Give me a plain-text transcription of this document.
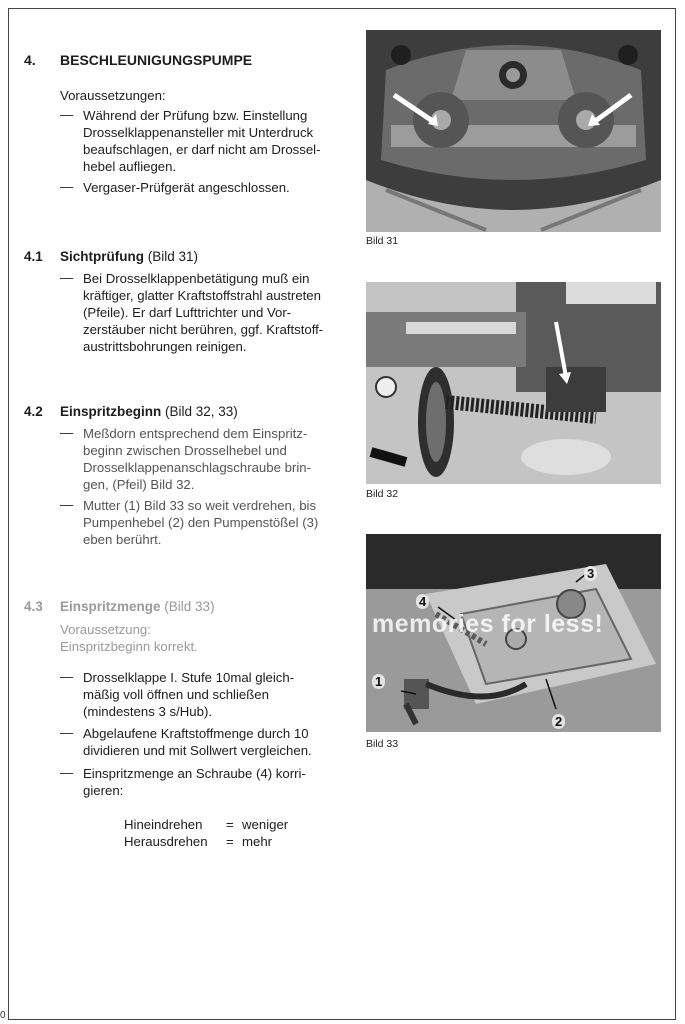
0
4. BESCHLEUNIGUNGSPUMPE
Voraussetzungen:
— Während der Prüfung bzw. Einstellung
Drosselklappenansteller mit Unterdruck
beaufschlagen, er darf nicht am Drossel-
hebel aufliegen.
— Vergaser-Prüfgerät angeschlossen.
4.1 Sichtprüfung (Bild 31)
— Bei Drosselklappenbetätigung muß ein
kräftiger, glatter Kraftstoffstrahl austreten
(Pfeile). Er darf Lufttrichter und Vor-
zerstäuber nicht berühren, ggf. Kraftstoff-
austrittsbohrungen reinigen.
4.2 Einspritzbeginn (Bild 32, 33)
— Meßdorn entsprechend dem Einspritz-
beginn zwischen Drosselhebel und
Drosselklappenanschlagschraube brin-
gen, (Pfeil) Bild 32.
— Mutter (1) Bild 33 so weit verdrehen, bis
Pumpenhebel (2) den Pumpenstößel (3)
eben berührt.
4.3 Einspritzmenge (Bild 33)
Voraussetzung:
Einspritzbeginn korrekt.
— Drosselklappe I. Stufe 10mal gleich-
mäßig voll öffnen und schließen
(mindestens 3 s/Hub).
— Abgelaufene Kraftstoffmenge durch 10
dividieren und mit Sollwert vergleichen.
— Einspritzmenge an Schraube (4) korri-
gieren:
Hineindrehen = weniger
Herausdrehen = mehr
Bild 31
Bild 32
1
2
3
4
memories for less!
Bild 33
